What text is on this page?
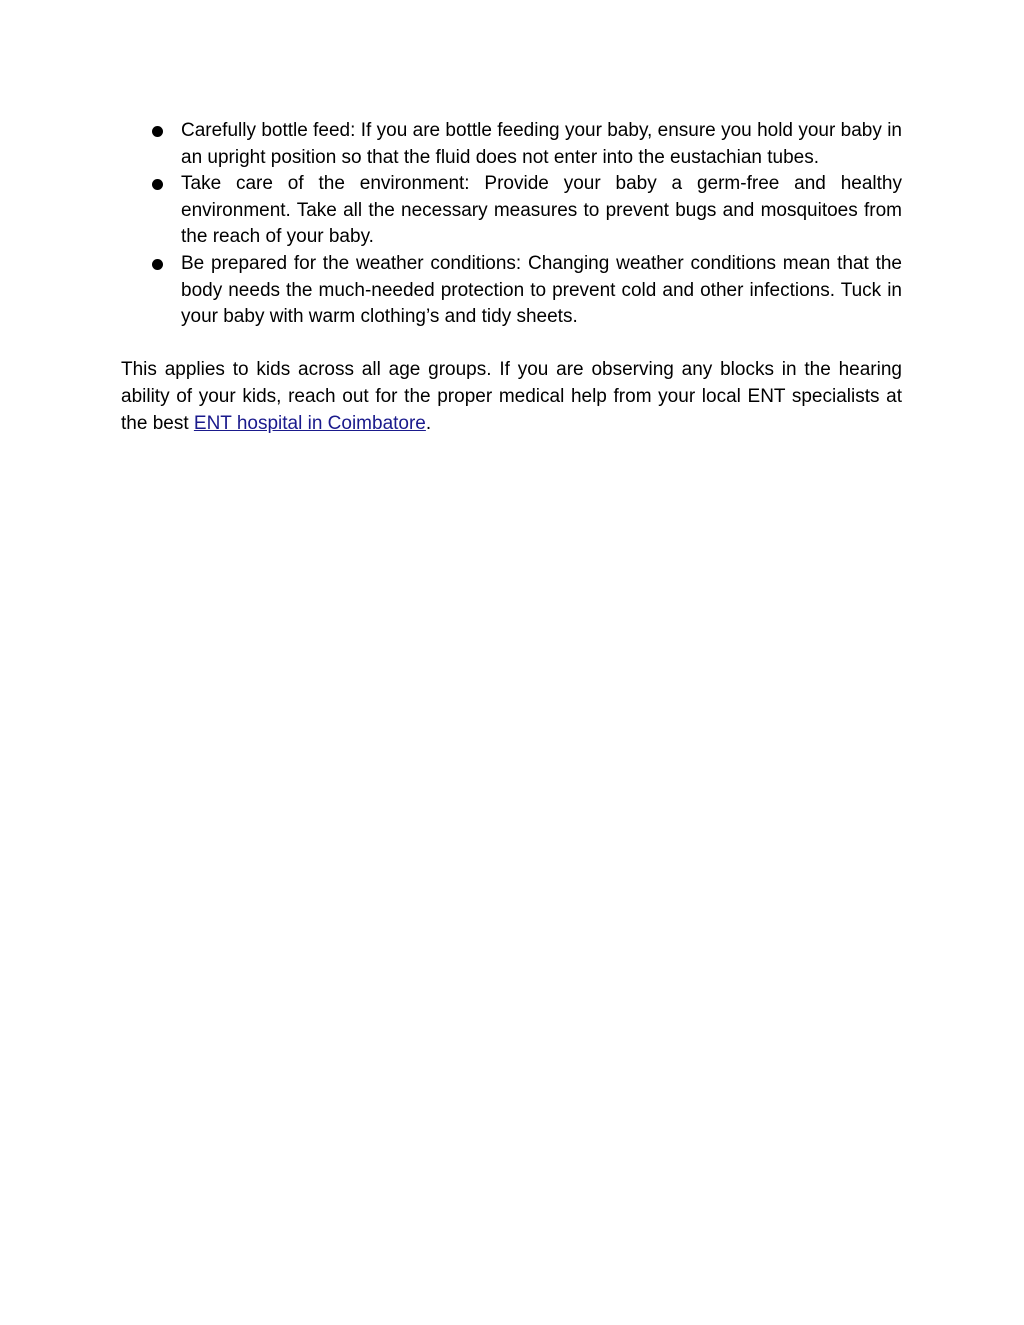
Carefully bottle feed: If you are bottle feeding your baby, ensure you hold your baby in an upright position so that the fluid does not enter into the eustachian tubes.
Take care of the environment: Provide your baby a germ-free and healthy environment. Take all the necessary measures to prevent bugs and mosquitoes from the reach of your baby.
Be prepared for the weather conditions: Changing weather conditions mean that the body needs the much-needed protection to prevent cold and other infections. Tuck in your baby with warm clothing’s and tidy sheets.

This applies to kids across all age groups. If you are observing any blocks in the hearing ability of your kids, reach out for the proper medical help from your local ENT specialists at the best ENT hospital in Coimbatore.
